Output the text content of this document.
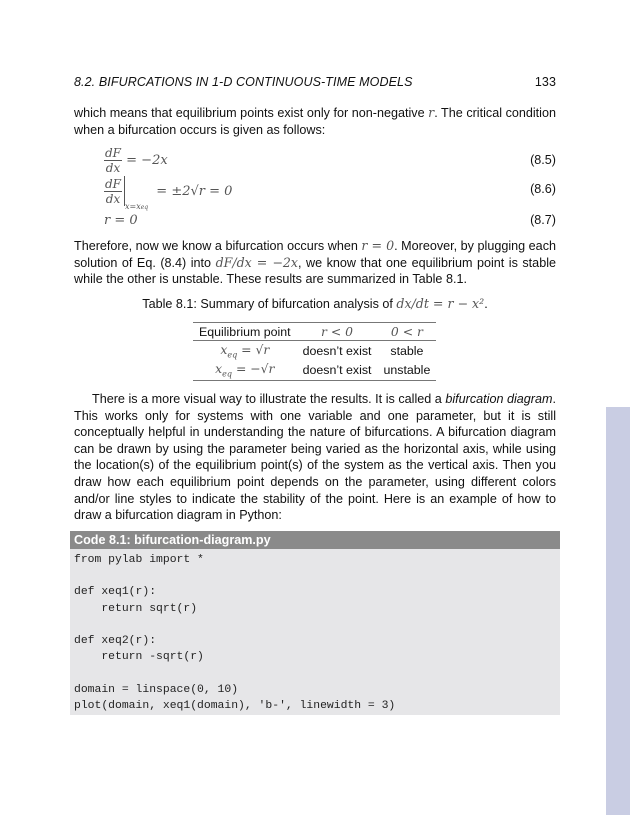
8.2. BIFURCATIONS IN 1-D CONTINUOUS-TIME MODELS	133
which means that equilibrium points exist only for non-negative r. The critical condition when a bifurcation occurs is given as follows:
$\frac{dF}{dx} = -2x$	(8.5)
$\frac{dF}{dx}$
$_{x=xeq}$ = ±2√r = 0	(8.6)
r = 0	(8.7)
Therefore, now we know a bifurcation occurs when r = 0. Moreover, by plugging each solution of Eq. (8.4) into dF/dx = −2x, we know that one equilibrium point is stable while the other is unstable. These results are summarized in Table 8.1.
Table 8.1: Summary of bifurcation analysis of dx/dt = r − x².
Equilibrium point	r < 0	0 < r
$x_{eq} = √r$	doesn’t exist	stable
$x_{eq} = -√r$	doesn’t exist	unstable
There is a more visual way to illustrate the results. It is called a bifurcation diagram. This works only for systems with one variable and one parameter, but it is still conceptually helpful in understanding the nature of bifurcations. A bifurcation diagram can be drawn by using the parameter being varied as the horizontal axis, while using the location(s) of the equilibrium point(s) of the system as the vertical axis. Then you draw how each equilibrium point depends on the parameter, using different colors and/or line styles to indicate the stability of the point. Here is an example of how to draw a bifurcation diagram in Python:
Code 8.1: bifurcation-diagram.py
from pylab import *
def xeq1(r):
return sqrt(r)
def xeq2(r):
return -sqrt(r)
domain = linspace(0, 10)
plot(domain, xeq1(domain), 'b-', linewidth = 3)
